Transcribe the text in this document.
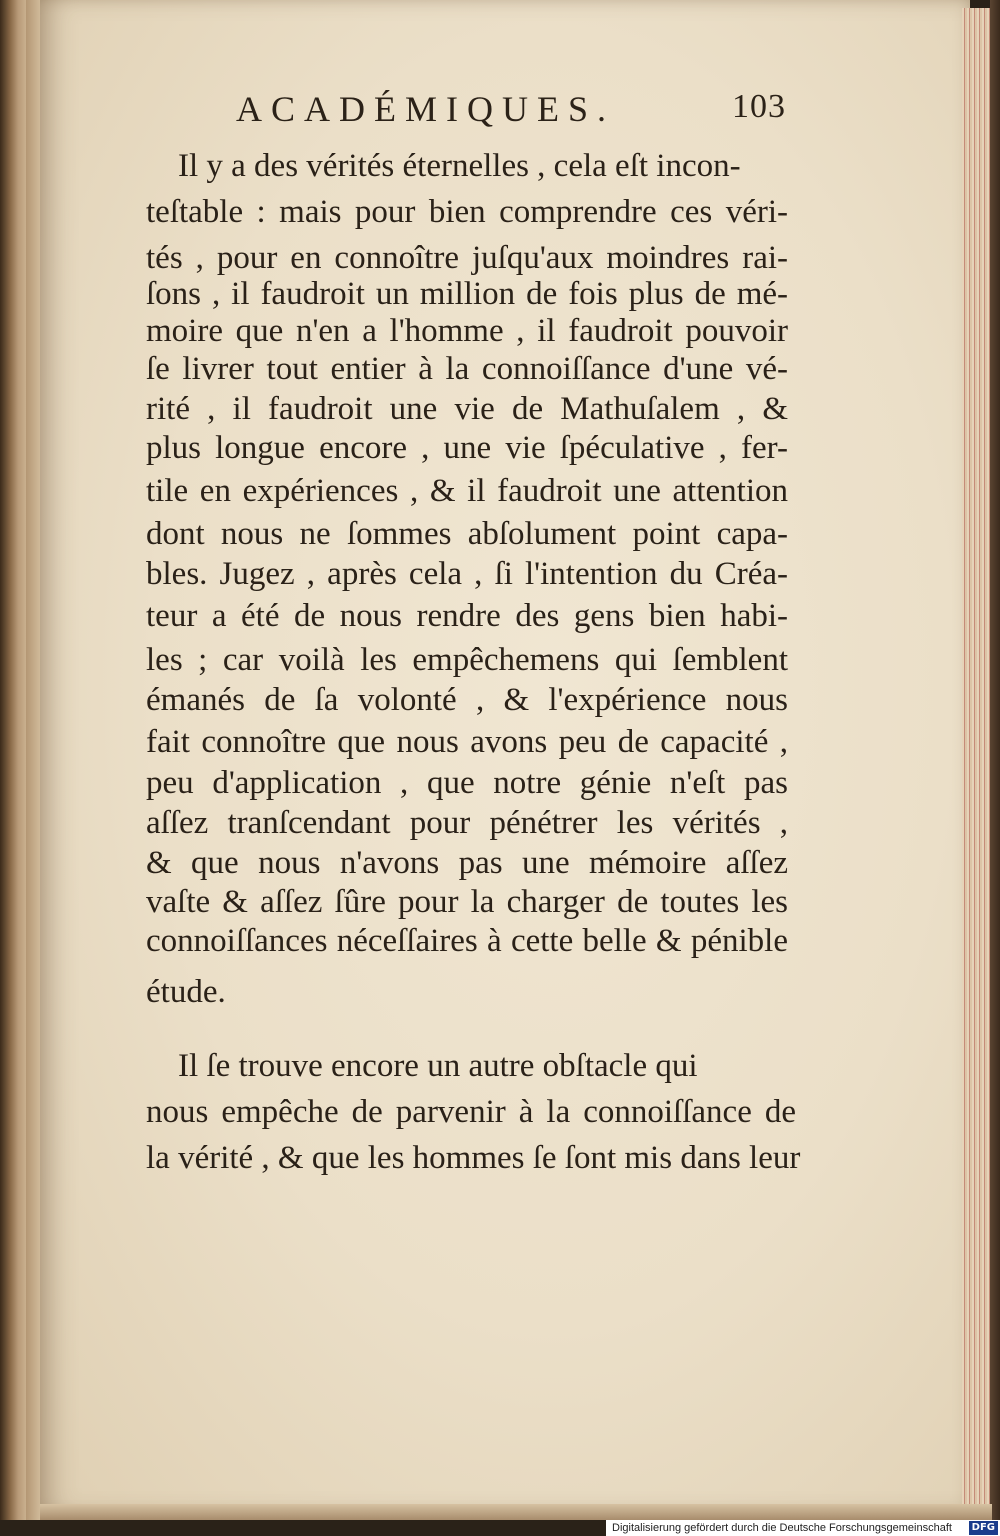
ACADÉMIQUES.	103
Il y a des vérités éternelles , cela eſt incon-
teſtable : mais pour bien comprendre ces véri-
tés , pour en connoître juſqu'aux moindres rai-
ſons , il faudroit un million de fois plus de mé-
moire que n'en a l'homme , il faudroit pouvoir
ſe livrer tout entier à la connoiſſance d'une vé-
rité , il faudroit une vie de Mathuſalem , &
plus longue encore , une vie ſpéculative , fer-
tile en expériences , & il faudroit une attention
dont nous ne ſommes abſolument point capa-
bles. Jugez , après cela , ſi l'intention du Créa-
teur a été de nous rendre des gens bien habi-
les ; car voilà les empêchemens qui ſemblent
émanés de ſa volonté , & l'expérience nous
fait connoître que nous avons peu de capacité ,
peu d'application , que notre génie n'eſt pas
aſſez tranſcendant pour pénétrer les vérités ,
& que nous n'avons pas une mémoire aſſez
vaſte & aſſez ſûre pour la charger de toutes les
connoiſſances néceſſaires à cette belle & pénible
étude.
Il ſe trouve encore un autre obſtacle qui
nous empêche de parvenir à la connoiſſance de
la vérité , & que les hommes ſe ſont mis dans leur
Digitalisierung gefördert durch die Deutsche Forschungsgemeinschaft	DFG
